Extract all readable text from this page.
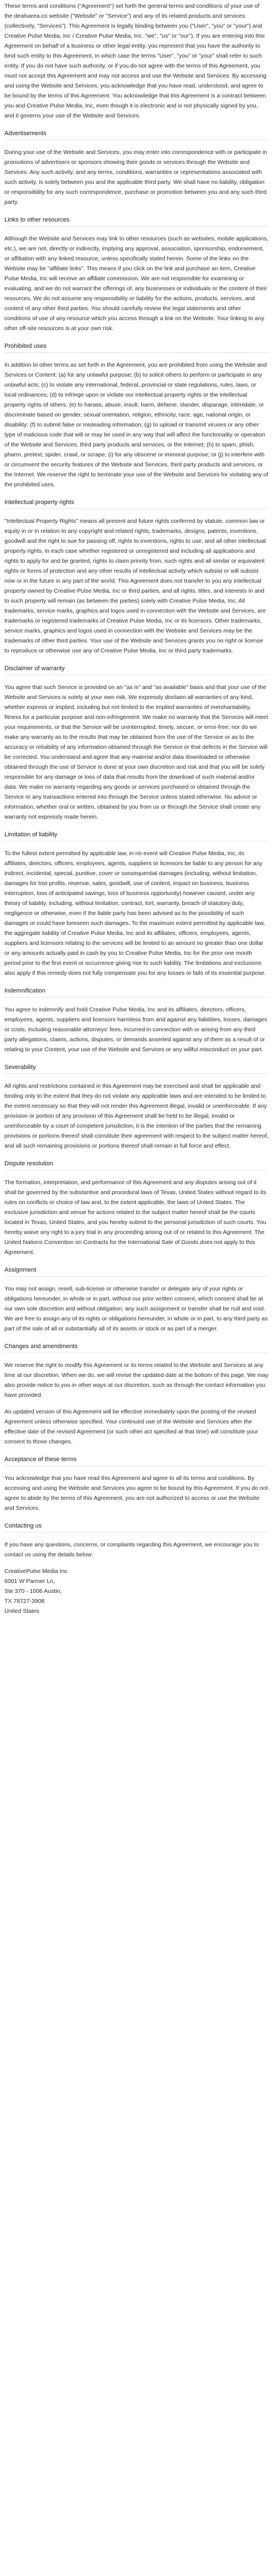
These terms and conditions ("Agreement") set forth the general terms and conditions of your use of the dealsarea.co website ("Website" or "Service") and any of its related products and services (collectively, "Services"). This Agreement is legally binding between you ("User", "you" or "your") and Creative Pulse Media, Inc / Creative Pulse Media, Inc. "we", "us" or "our"). If you are entering into this Agreement on behalf of a business or other legal entity, you represent that you have the authority to bind such entity to this Agreement, in which case the terms "User", "you" or "your" shall refer to such entity. If you do not have such authority, or if you do not agree with the terms of this Agreement, you must not accept this Agreement and may not access and use the Website and Services. By accessing and using the Website and Services, you acknowledge that you have read, understood, and agree to be bound by the terms of this Agreement. You acknowledge that this Agreement is a contract between you and Creative Pulse Media, Inc, even though it is electronic and is not physically signed by you, and it governs your use of the Website and Services.

Advertisements

During your use of the Website and Services, you may enter into correspondence with or participate in promotions of advertisers or sponsors showing their goods or services through the Website and Services. Any such activity, and any terms, conditions, warranties or representations associated with such activity, is solely between you and the applicable third party. We shall have no liability, obligation or responsibility for any such correspondence, purchase or promotion between you and any such third party.

Links to other resources

Although the Website and Services may link to other resources (such as websites, mobile applications, etc.), we are not, directly or indirectly, implying any approval, association, sponsorship, endorsement, or affiliation with any linked resource, unless specifically stated herein. Some of the links on the Website may be "affiliate links". This means if you click on the link and purchase an item, Creative Pulse Media, Inc will receive an affiliate commission. We are not responsible for examining or evaluating, and we do not warrant the offerings of, any businesses or individuals or the content of their resources. We do not assume any responsibility or liability for the actions, products, services, and content of any other third parties. You should carefully review the legal statements and other conditions of use of any resource which you access through a link on the Website. Your linking to any other off-site resources is at your own risk.

Prohibited uses

In addition to other terms as set forth in the Agreement, you are prohibited from using the Website and Services or Content: (a) for any unlawful purpose; (b) to solicit others to perform or participate in any unlawful acts; (c) to violate any international, federal, provincial or state regulations, rules, laws, or local ordinances; (d) to infringe upon or violate our intellectual property rights or the intellectual property rights of others; (e) to harass, abuse, insult, harm, defame, slander, disparage, intimidate, or discriminate based on gender, sexual orientation, religion, ethnicity, race, age, national origin, or disability; (f) to submit false or misleading information; (g) to upload or transmit viruses or any other type of malicious code that will or may be used in any way that will affect the functionality or operation of the Website and Services, third party products and services, or the Internet; (h) to spam, phish, pharm, pretext, spider, crawl, or scrape; (i) for any obscene or immoral purpose; or (j) to interfere with or circumvent the security features of the Website and Services, third party products and services, or the Internet. We reserve the right to terminate your use of the Website and Services for violating any of the prohibited uses.

Intellectual property rights

"Intellectual Property Rights" means all present and future rights conferred by statute, common law or equity in or in relation to any copyright and related rights, trademarks, designs, patents, inventions, goodwill and the right to sue for passing off, rights to inventions, rights to use, and all other intellectual property rights, in each case whether registered or unregistered and including all applications and rights to apply for and be granted, rights to claim priority from, such rights and all similar or equivalent rights or forms of protection and any other results of intellectual activity which subsist or will subsist now or in the future in any part of the world. This Agreement does not transfer to you any intellectual property owned by Creative Pulse Media, Inc or third parties, and all rights, titles, and interests in and to such property will remain (as between the parties) solely with Creative Pulse Media, Inc. All trademarks, service marks, graphics and logos used in connection with the Website and Services, are trademarks or registered trademarks of Creative Pulse Media, Inc or its licensors. Other trademarks, service marks, graphics and logos used in connection with the Website and Services may be the trademarks of other third parties. Your use of the Website and Services grants you no right or license to reproduce or otherwise use any of Creative Pulse Media, Inc or third party trademarks.

Disclaimer of warranty

You agree that such Service is provided on an "as is" and "as available" basis and that your use of the Website and Services is solely at your own risk. We expressly disclaim all warranties of any kind, whether express or implied, including but not limited to the implied warranties of merchantability, fitness for a particular purpose and non-infringement. We make no warranty that the Services will meet your requirements, or that the Service will be uninterrupted, timely, secure, or error-free; nor do we make any warranty as to the results that may be obtained from the use of the Service or as to the accuracy or reliability of any information obtained through the Service or that defects in the Service will be corrected. You understand and agree that any material and/or data downloaded or otherwise obtained through the use of Service is done at your own discretion and risk and that you will be solely responsible for any damage or loss of data that results from the download of such material and/or data. We make no warranty regarding any goods or services purchased or obtained through the Service or any transactions entered into through the Service unless stated otherwise. No advice or information, whether oral or written, obtained by you from us or through the Service shall create any warranty not expressly made herein.

Limitation of liability

To the fullest extent permitted by applicable law, in no event will Creative Pulse Media, Inc, its affiliates, directors, officers, employees, agents, suppliers or licensors be liable to any person for any indirect, incidental, special, punitive, cover or consequential damages (including, without limitation, damages for lost profits, revenue, sales, goodwill, use of content, impact on business, business interruption, loss of anticipated savings, loss of business opportunity) however caused, under any theory of liability, including, without limitation, contract, tort, warranty, breach of statutory duty, negligence or otherwise, even if the liable party has been advised as to the possibility of such damages or could have foreseen such damages. To the maximum extent permitted by applicable law, the aggregate liability of Creative Pulse Media, Inc and its affiliates, officers, employees, agents, suppliers and licensors relating to the services will be limited to an amount no greater than one dollar or any amounts actually paid in cash by you to Creative Pulse Media, Inc for the prior one month period prior to the first event or occurrence giving rise to such liability. The limitations and exclusions also apply if this remedy does not fully compensate you for any losses or fails of its essential purpose.

Indemnification

You agree to indemnify and hold Creative Pulse Media, Inc and its affiliates, directors, officers, employees, agents, suppliers and licensors harmless from and against any liabilities, losses, damages or costs, including reasonable attorneys' fees, incurred in connection with or arising from any third party allegations, claims, actions, disputes, or demands asserted against any of them as a result of or relating to your Content, your use of the Website and Services or any willful misconduct on your part.

Severability

All rights and restrictions contained in this Agreement may be exercised and shall be applicable and binding only to the extent that they do not violate any applicable laws and are intended to be limited to the extent necessary so that they will not render this Agreement illegal, invalid or unenforceable. If any provision or portion of any provision of this Agreement shall be held to be illegal, invalid or unenforceable by a court of competent jurisdiction, it is the intention of the parties that the remaining provisions or portions thereof shall constitute their agreement with respect to the subject matter hereof, and all such remaining provisions or portions thereof shall remain in full force and effect.

Dispute resolution

The formation, interpretation, and performance of this Agreement and any disputes arising out of it shall be governed by the substantive and procedural laws of Texas, United States without regard to its rules on conflicts or choice of law and, to the extent applicable, the laws of United States. The exclusive jurisdiction and venue for actions related to the subject matter hereof shall be the courts located in Texas, United States, and you hereby submit to the personal jurisdiction of such courts. You hereby waive any right to a jury trial in any proceeding arising out of or related to this Agreement. The United Nations Convention on Contracts for the International Sale of Goods does not apply to this Agreement.

Assignment

You may not assign, resell, sub-license or otherwise transfer or delegate any of your rights or obligations hereunder, in whole or in part, without our prior written consent, which consent shall be at our own sole discretion and without obligation; any such assignment or transfer shall be null and void. We are free to assign any of its rights or obligations hereunder, in whole or in part, to any third party as part of the sale of all or substantially all of its assets or stock or as part of a merger.

Changes and amendments

We reserve the right to modify this Agreement or its terms related to the Website and Services at any time at our discretion. When we do, we will revise the updated date at the bottom of this page. We may also provide notice to you in other ways at our discretion, such as through the contact information you have provided.

An updated version of this Agreement will be effective immediately upon the posting of the revised Agreement unless otherwise specified. Your continued use of the Website and Services after the effective date of the revised Agreement (or such other act specified at that time) will constitute your consent to those changes.

Acceptance of these terms

You acknowledge that you have read this Agreement and agree to all its terms and conditions. By accessing and using the Website and Services you agree to be bound by this Agreement. If you do not agree to abide by the terms of this Agreement, you are not authorized to access or use the Website and Services.

Contacting us

If you have any questions, concerns, or complaints regarding this Agreement, we encourage you to contact us using the details below:

CreativePulse Media Inc
6001 W Parmer Ln,
Ste 370 - 1006 Austin,
TX 78727-3908
United States
